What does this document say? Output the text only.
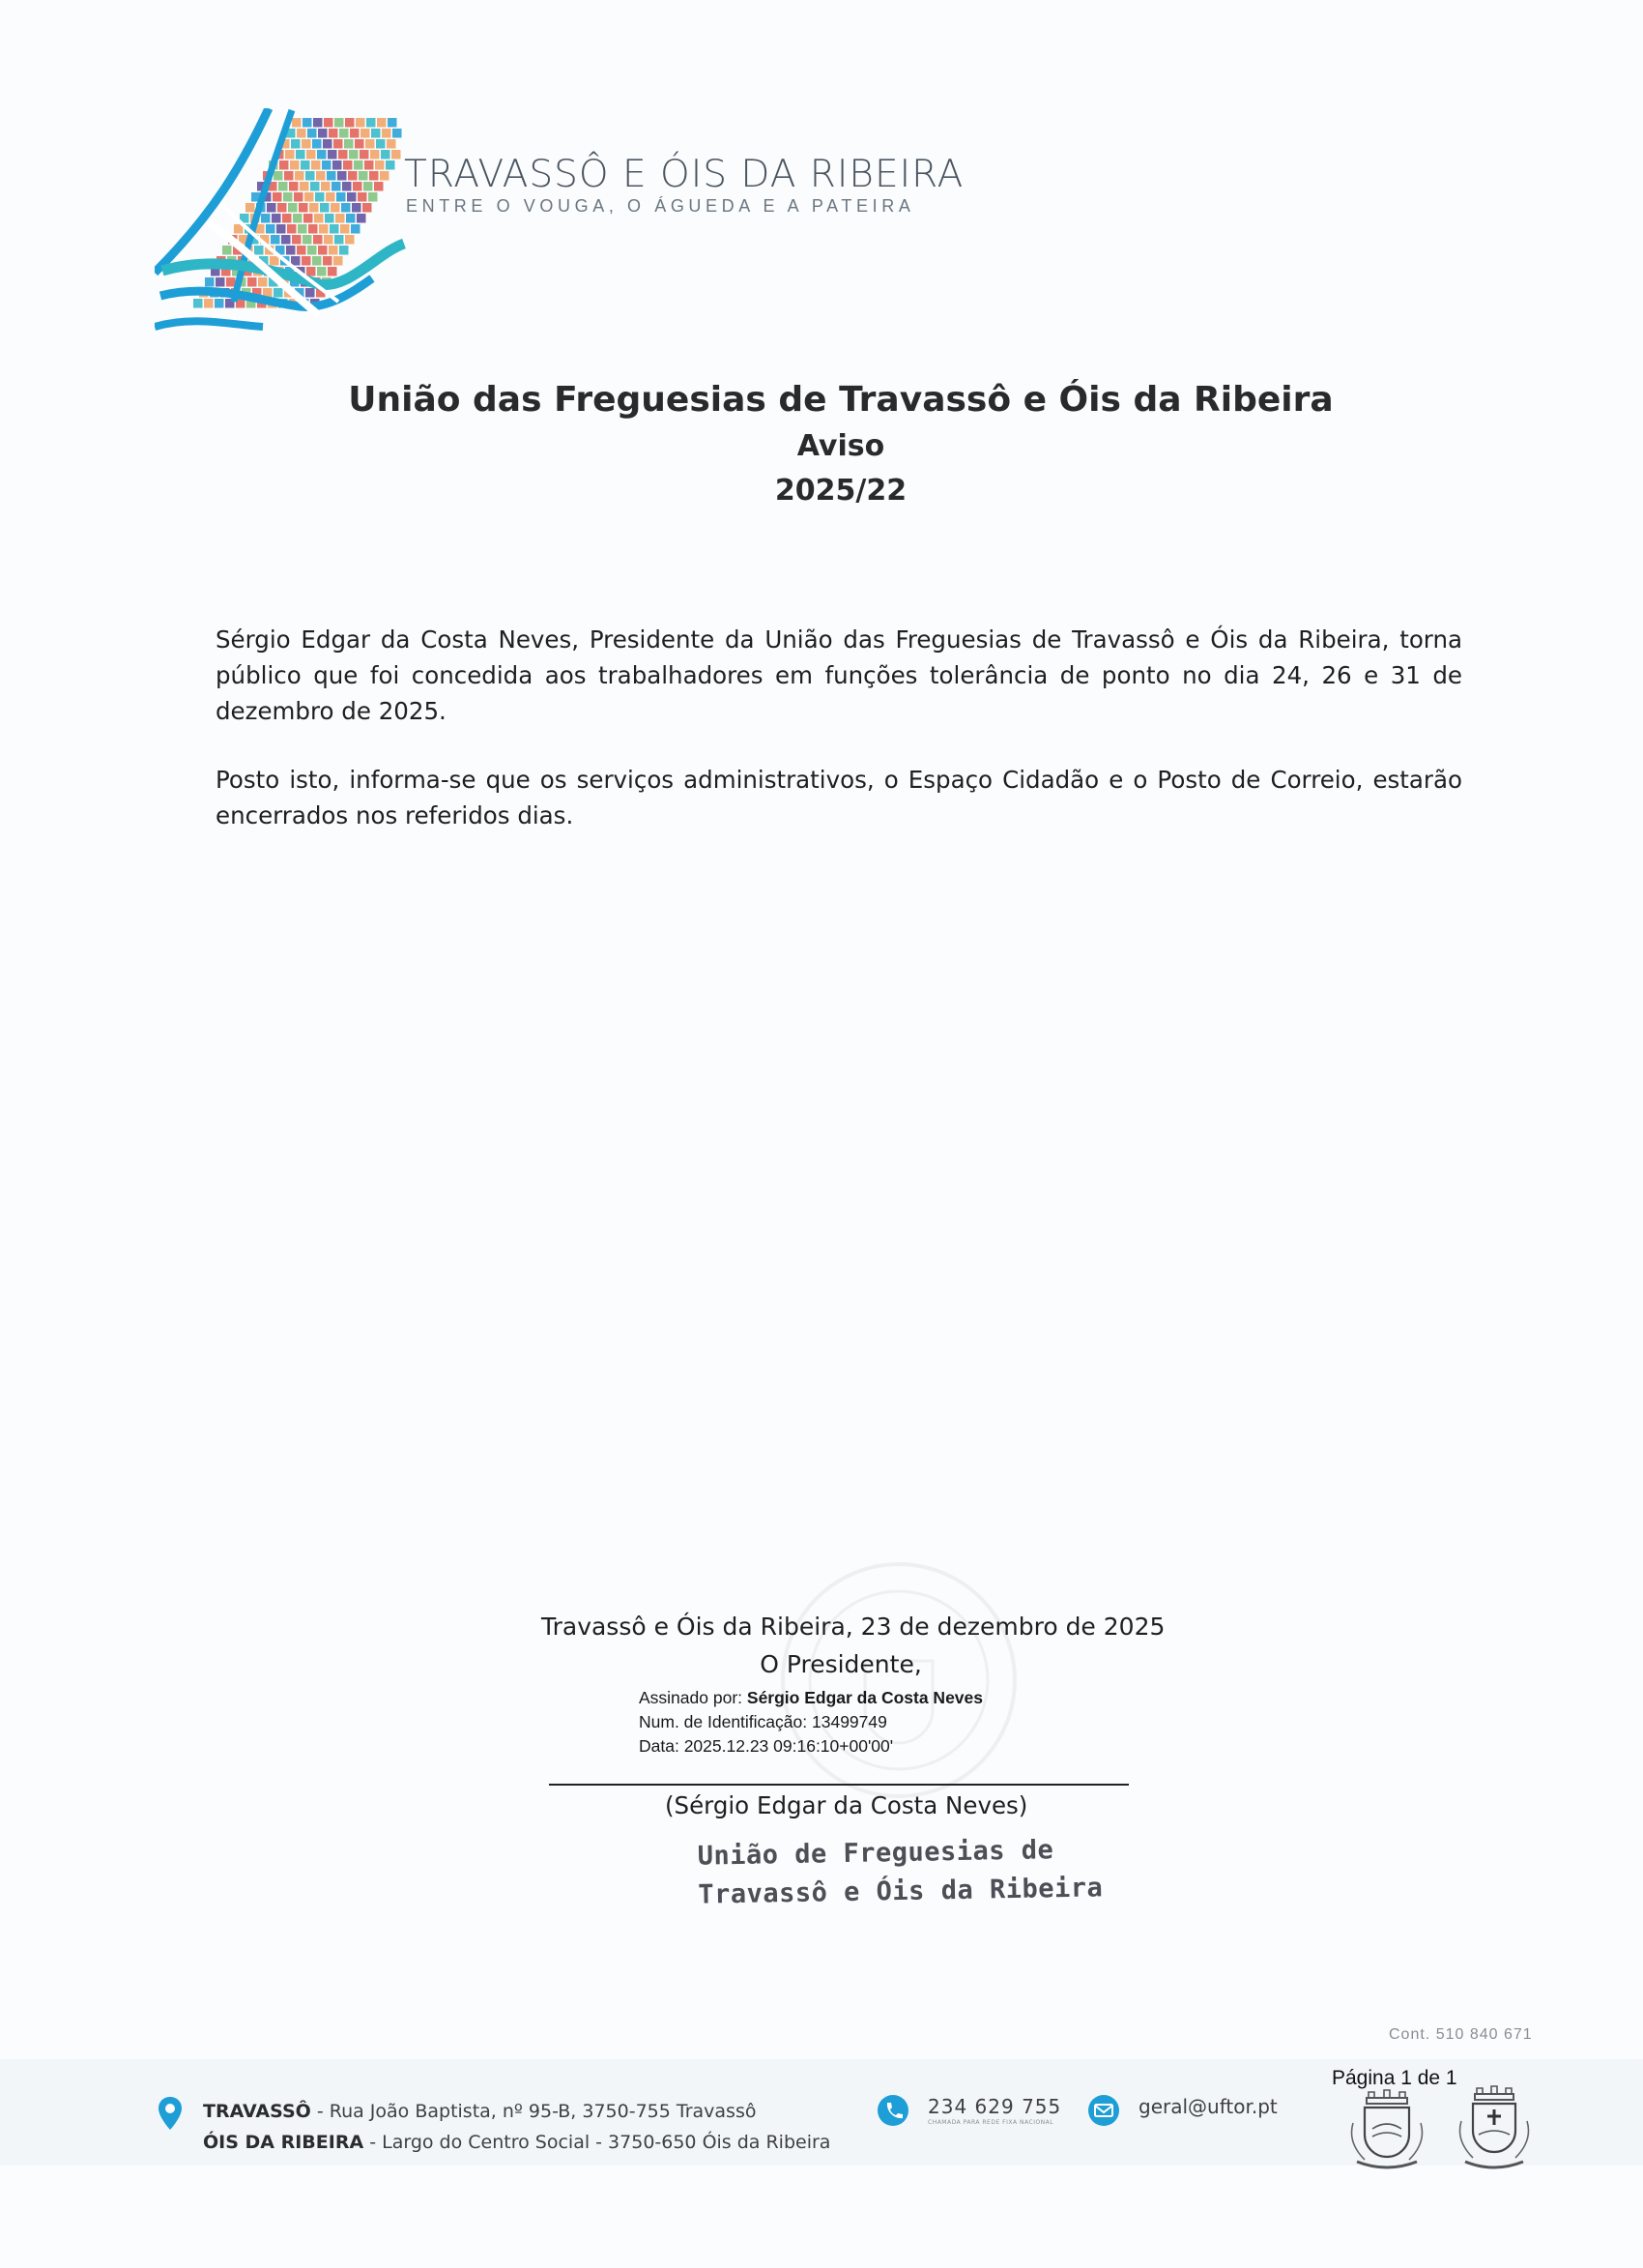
TRAVASSÔ E ÓIS DA RIBEIRA
ENTRE O VOUGA, O ÁGUEDA E A PATEIRA
União das Freguesias de Travassô e Óis da Ribeira
Aviso
2025/22

Sérgio Edgar da Costa Neves, Presidente da União das Freguesias de Travassô e Óis da Ribeira, torna público que foi concedida aos trabalhadores em funções tolerância de ponto no dia 24, 26 e 31 de dezembro de 2025.

Posto isto, informa-se que os serviços administrativos, o Espaço Cidadão e o Posto de Correio, estarão encerrados nos referidos dias.

Travassô e Óis da Ribeira, 23 de dezembro de 2025
O Presidente,
Assinado por: Sérgio Edgar da Costa Neves
Num. de Identificação: 13499749
Data: 2025.12.23 09:16:10+00'00'
(Sérgio Edgar da Costa Neves)
União de Freguesias de
Travassô e Óis da Ribeira
Cont. 510 840 671
Página 1 de 1
TRAVASSÔ - Rua João Baptista, nº 95-B, 3750-755 Travassô
ÓIS DA RIBEIRA - Largo do Centro Social - 3750-650 Óis da Ribeira
234 629 755
CHAMADA PARA REDE FIXA NACIONAL
geral@uftor.pt
